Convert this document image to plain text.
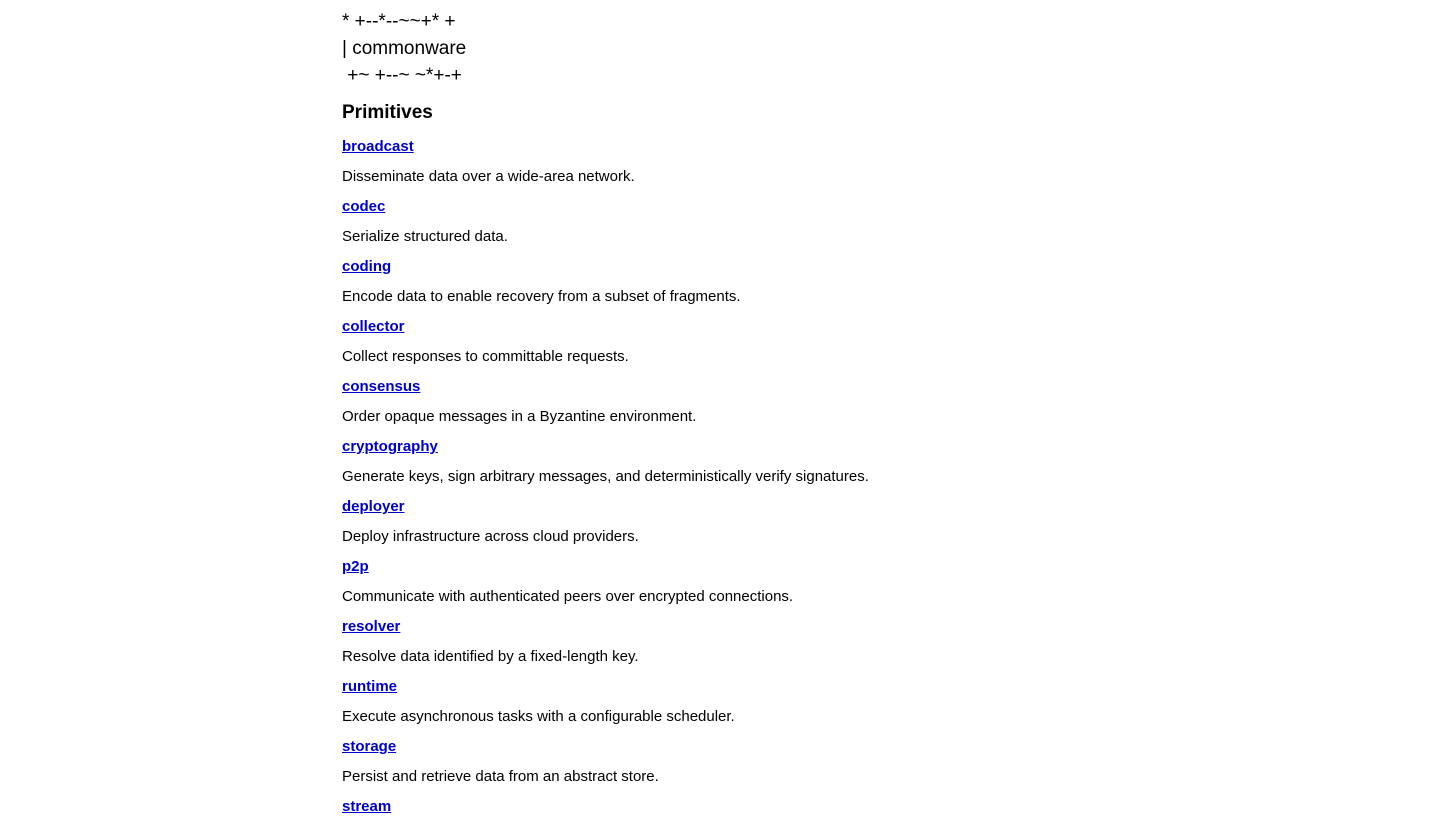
* +--*--~~+* +

| commonware

+~ +--~ ~*+-+

Primitives
broadcast

Disseminate data over a wide-area network.

codec

Serialize structured data.

coding

Encode data to enable recovery from a subset of fragments.

collector

Collect responses to committable requests.

consensus

Order opaque messages in a Byzantine environment.

cryptography

Generate keys, sign arbitrary messages, and deterministically verify signatures.

deployer

Deploy infrastructure across cloud providers.

p2p

Communicate with authenticated peers over encrypted connections.

resolver

Resolve data identified by a fixed-length key.

runtime

Execute asynchronous tasks with a configurable scheduler.

storage

Persist and retrieve data from an abstract store.

stream
